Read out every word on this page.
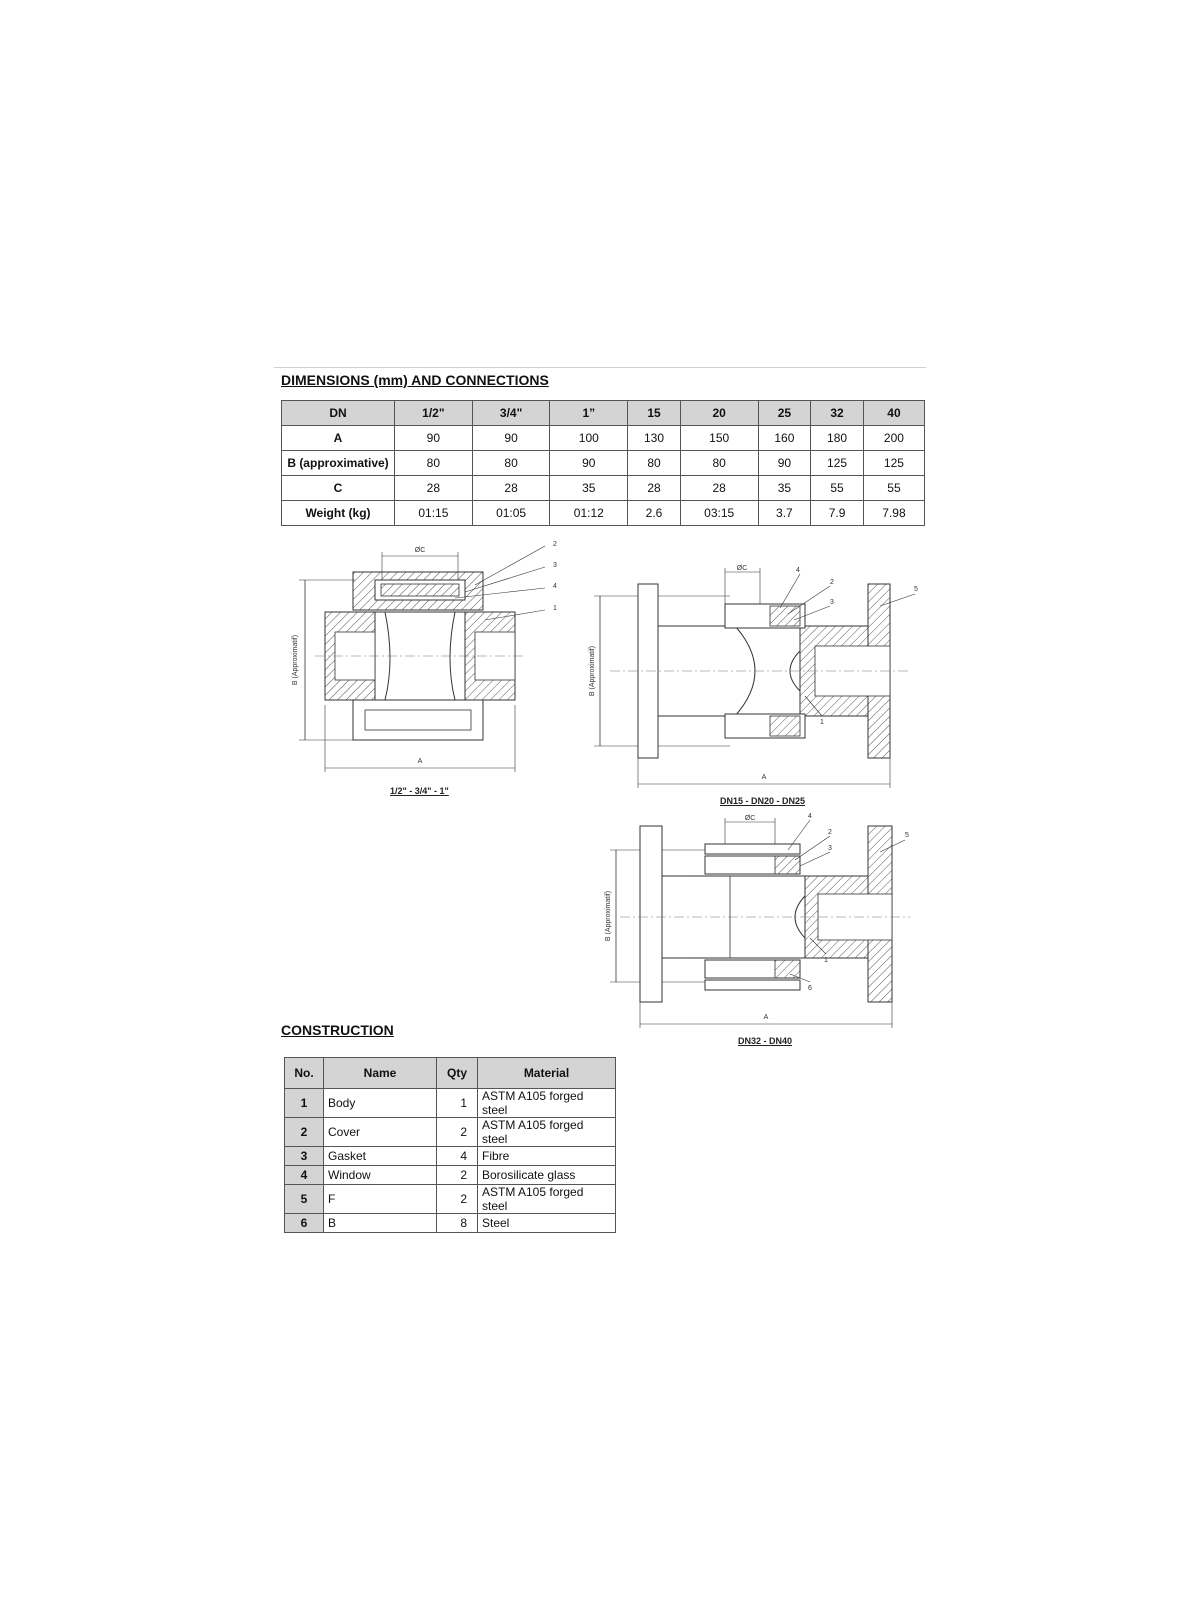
DIMENSIONS (mm) AND CONNECTIONS
DN	1/2"	3/4"	1”	15	20	25	32	40
A	90	90	100	130	150	160	180	200
B (approximative)	80	80	90	80	80	90	125	125
C	28	28	35	28	28	35	55	55
Weight (kg)	01:15	01:05	01:12	2.6	03:15	3.7	7.9	7.98
B (Approximatif)
ØC
A
2
3
4
1
1/2" - 3/4" - 1"
B (Approximatif)
ØC
A
4
2
3
5
1
DN15 - DN20 - DN25
B (Approximatif)
ØC
A
4
2
3
5
1
6
DN32 - DN40
CONSTRUCTION
No.	Name	Qty	Material
1	Body	1	ASTM A105 forged steel
2	Cover	2	ASTM A105 forged steel
3	Gasket	4	Fibre
4	Window	2	Borosilicate glass
5	F	2	ASTM A105 forged steel
6	B	8	Steel
